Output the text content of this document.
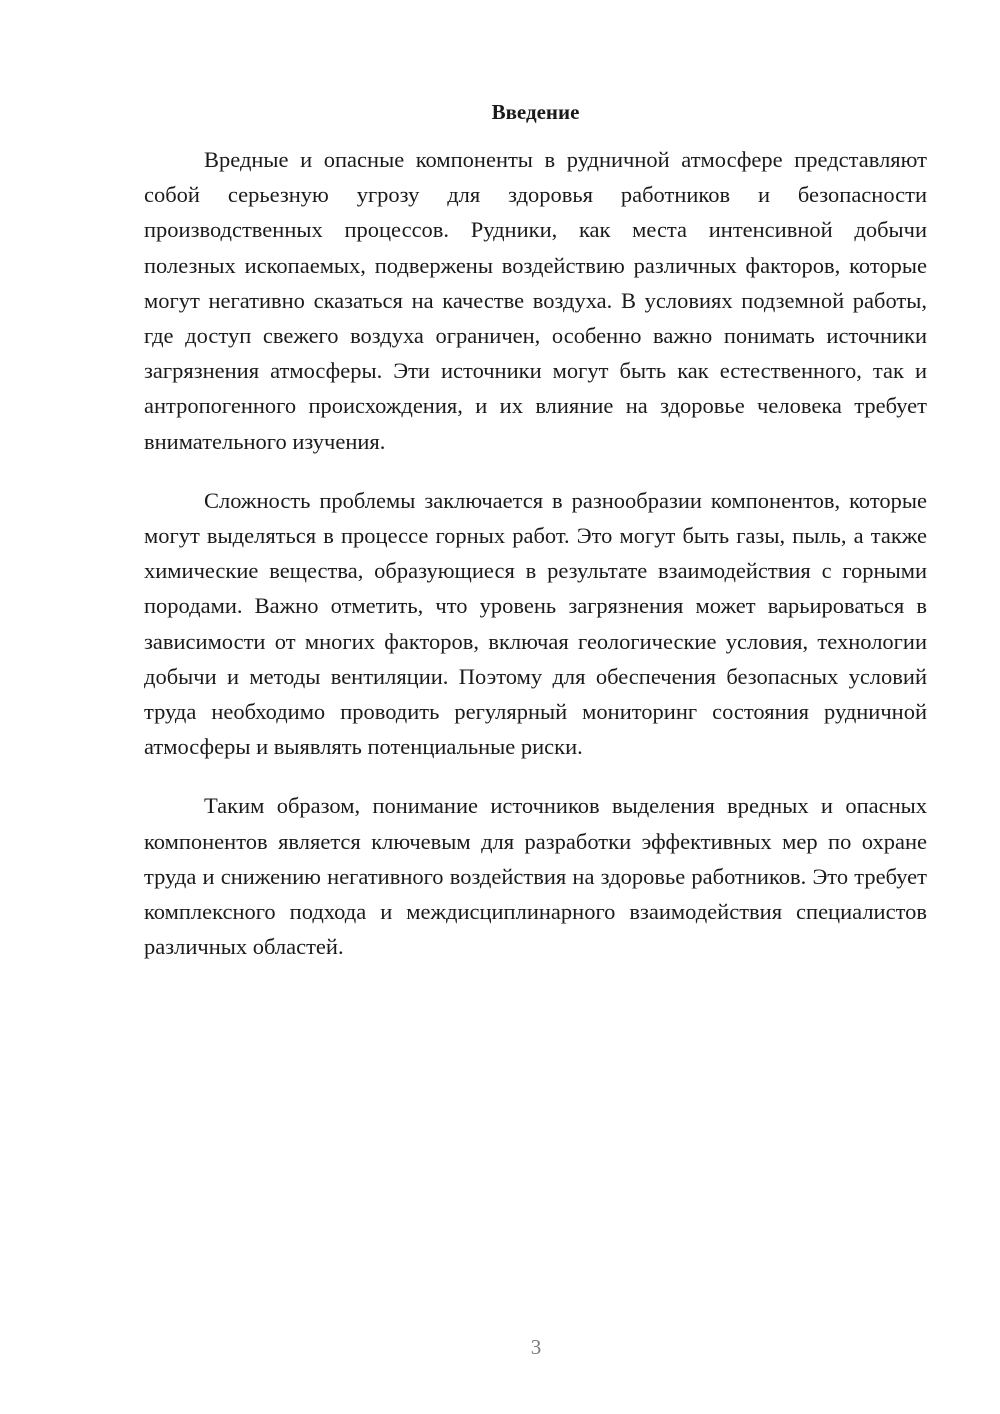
Введение

Вредные и опасные компоненты в рудничной атмосфере представляют собой серьезную угрозу для здоровья работников и безопасности производственных процессов. Рудники, как места интенсивной добычи полезных ископаемых, подвержены воздействию различных факторов, которые могут негативно сказаться на качестве воздуха. В условиях подземной работы, где доступ свежего воздуха ограничен, особенно важно понимать источники загрязнения атмосферы. Эти источники могут быть как естественного, так и антропогенного происхождения, и их влияние на здоровье человека требует внимательного изучения.

Сложность проблемы заключается в разнообразии компонентов, которые могут выделяться в процессе горных работ. Это могут быть газы, пыль, а также химические вещества, образующиеся в результате взаимодействия с горными породами. Важно отметить, что уровень загрязнения может варьироваться в зависимости от многих факторов, включая геологические условия, технологии добычи и методы вентиляции. Поэтому для обеспечения безопасных условий труда необходимо проводить регулярный мониторинг состояния рудничной атмосферы и выявлять потенциальные риски.

Таким образом, понимание источников выделения вредных и опасных компонентов является ключевым для разработки эффективных мер по охране труда и снижению негативного воздействия на здоровье работников. Это требует комплексного подхода и междисциплинарного взаимодействия специалистов различных областей.

3
